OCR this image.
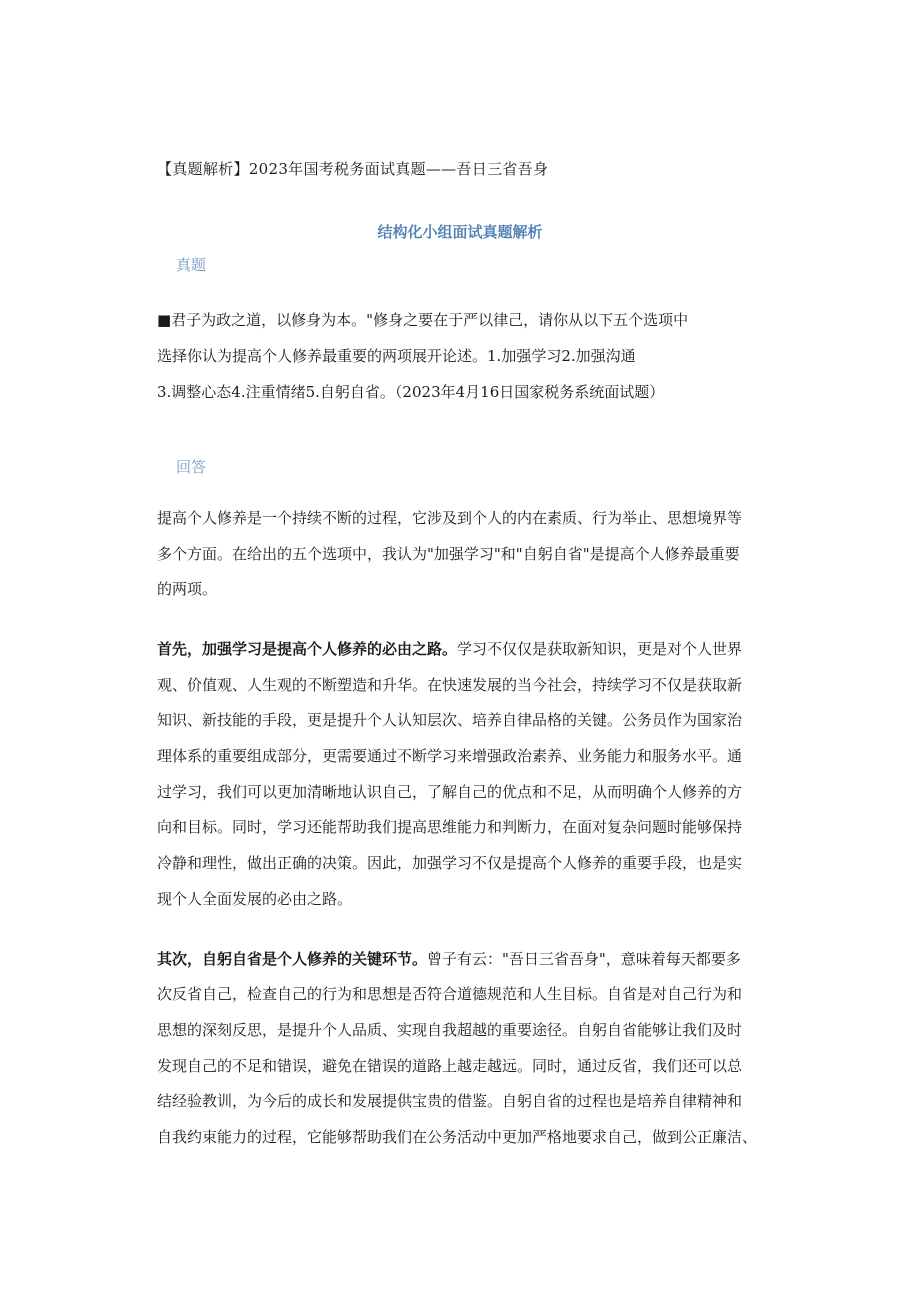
【真题解析】2023年国考税务面试真题——吾日三省吾身
结构化小组面试真题解析
真题
■君子为政之道，以修身为本。"修身之要在于严以律己，请你从以下五个选项中
选择你认为提高个人修养最重要的两项展开论述。1.加强学习2.加强沟通
3.调整心态4.注重情绪5.自躬自省。（2023年4月16日国家税务系统面试题）
回答
提高个人修养是一个持续不断的过程，它涉及到个人的内在素质、行为举止、思想境界等
多个方面。在给出的五个选项中，我认为"加强学习"和"自躬自省"是提高个人修养最重要
的两项。
首先，加强学习是提高个人修养的必由之路。学习不仅仅是获取新知识，更是对个人世界
观、价值观、人生观的不断塑造和升华。在快速发展的当今社会，持续学习不仅是获取新
知识、新技能的手段，更是提升个人认知层次、培养自律品格的关键。公务员作为国家治
理体系的重要组成部分，更需要通过不断学习来增强政治素养、业务能力和服务水平。通
过学习，我们可以更加清晰地认识自己，了解自己的优点和不足，从而明确个人修养的方
向和目标。同时，学习还能帮助我们提高思维能力和判断力，在面对复杂问题时能够保持
冷静和理性，做出正确的决策。因此，加强学习不仅是提高个人修养的重要手段，也是实
现个人全面发展的必由之路。
其次，自躬自省是个人修养的关键环节。曾子有云："吾日三省吾身"，意味着每天都要多
次反省自己，检查自己的行为和思想是否符合道德规范和人生目标。自省是对自己行为和
思想的深刻反思，是提升个人品质、实现自我超越的重要途径。自躬自省能够让我们及时
发现自己的不足和错误，避免在错误的道路上越走越远。同时，通过反省，我们还可以总
结经验教训，为今后的成长和发展提供宝贵的借鉴。自躬自省的过程也是培养自律精神和
自我约束能力的过程，它能够帮助我们在公务活动中更加严格地要求自己，做到公正廉洁、
